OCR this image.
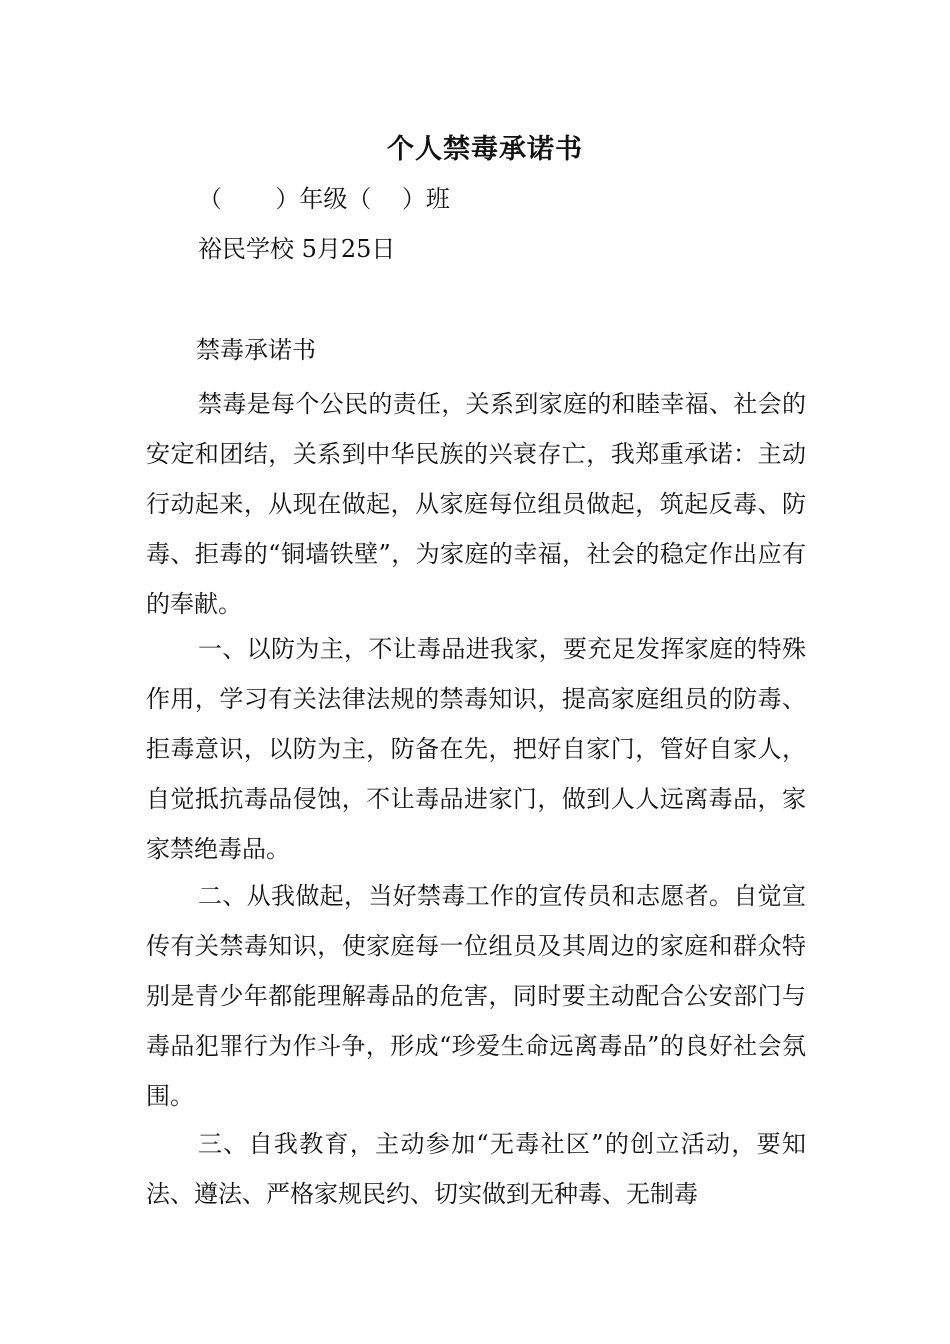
个人禁毒承诺书
（       ）年级（    ）班
裕民学校 5月25日
禁毒承诺书

禁毒是每个公民的责任，关系到家庭的和睦幸福、社会的安定和团结，关系到中华民族的兴衰存亡，我郑重承诺：主动行动起来，从现在做起，从家庭每位组员做起，筑起反毒、防毒、拒毒的“铜墙铁壁”，为家庭的幸福，社会的稳定作出应有的奉献。

一、以防为主，不让毒品进我家，要充足发挥家庭的特殊作用，学习有关法律法规的禁毒知识，提高家庭组员的防毒、拒毒意识，以防为主，防备在先，把好自家门，管好自家人，自觉抵抗毒品侵蚀，不让毒品进家门，做到人人远离毒品，家家禁绝毒品。

二、从我做起，当好禁毒工作的宣传员和志愿者。自觉宣传有关禁毒知识，使家庭每一位组员及其周边的家庭和群众特别是青少年都能理解毒品的危害，同时要主动配合公安部门与毒品犯罪行为作斗争，形成“珍爱生命远离毒品”的良好社会氛围。

三、自我教育，主动参加“无毒社区”的创立活动，要知法、遵法、严格家规民约、切实做到无种毒、无制毒
